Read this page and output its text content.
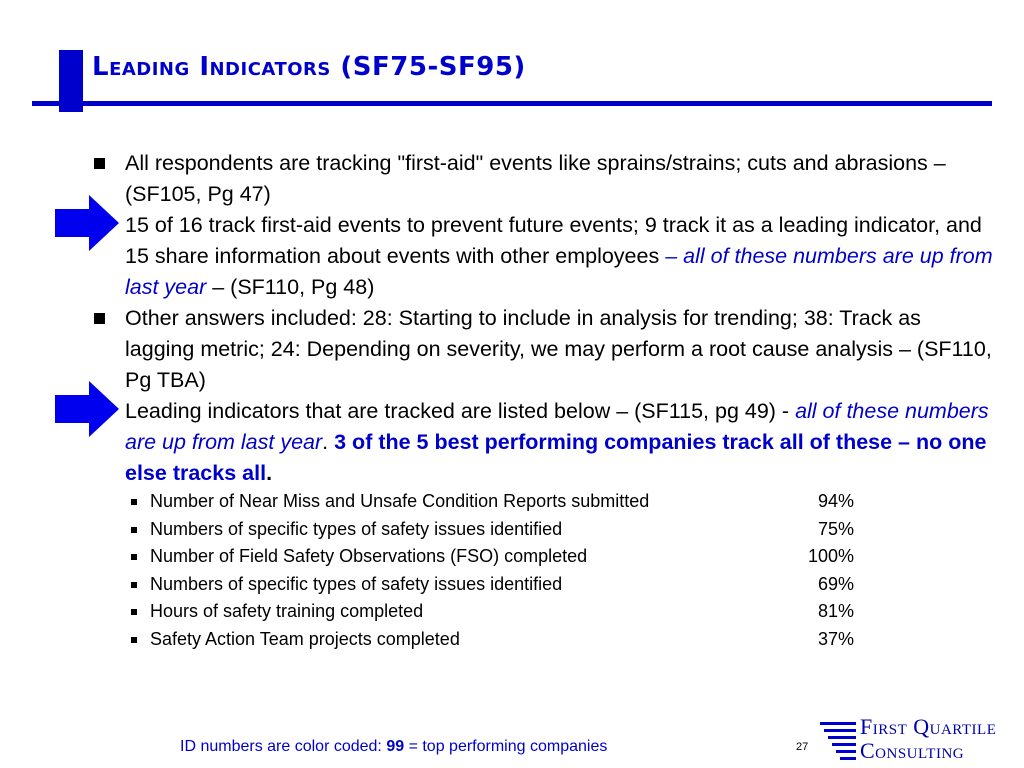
Leading Indicators (SF75-SF95)

All respondents are tracking "first-aid" events like sprains/strains; cuts and abrasions – (SF105, Pg 47)

15 of 16 track first-aid events to prevent future events; 9 track it as a leading indicator, and 15 share information about events with other employees – all of these numbers are up from last year – (SF110, Pg 48)

Other answers included: 28: Starting to include in analysis for trending; 38: Track as lagging metric; 24: Depending on severity, we may perform a root cause analysis – (SF110, Pg TBA)

Leading indicators that are tracked are listed below – (SF115, pg 49) - all of these numbers are up from last year. 3 of the 5 best performing companies track all of these – no one else tracks all.

Number of Near Miss and Unsafe Condition Reports submitted	94%
Numbers of specific types of safety issues identified	75%
Number of Field Safety Observations (FSO) completed	100%
Numbers of specific types of safety issues identified	69%
Hours of safety training completed	81%
Safety Action Team projects completed	37%
ID numbers are color coded: 99 = top performing companies	27
First Quartile
Consulting
